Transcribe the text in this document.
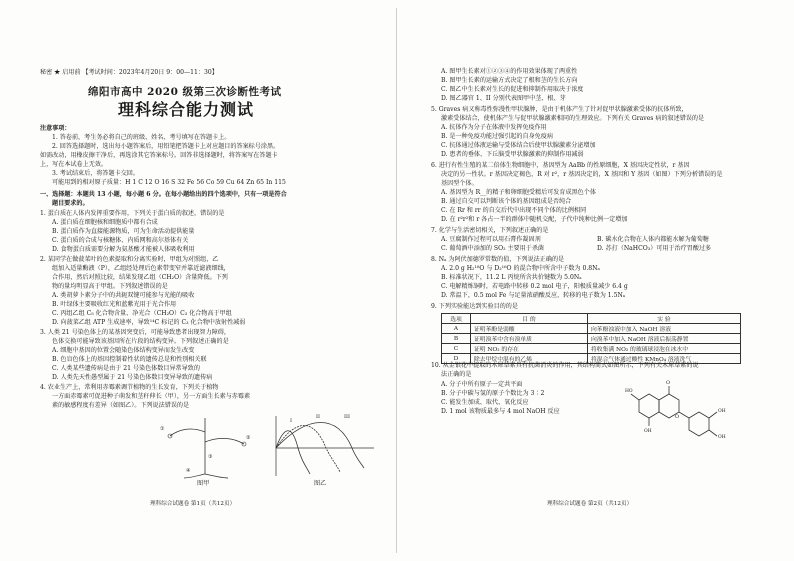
秘密 ★ 启用前 【考试时间：2023年4月20日 9：00—11：30】
绵阳市高中 2020 级第三次诊断性考试
理科综合能力测试
注意事项：
1. 答卷前，考生务必将自己的班级、姓名、考号填写在答题卡上。
2. 回答选择题时，选出每小题答案后，用铅笔把答题卡上对应题目的答案标号涂黑。
如需改动，用橡皮擦干净后，再选涂其它答案标号。回答非选择题时，将答案写在答题卡
上，写在本试卷上无效。
3. 考试结束后，将答题卡交回。
可能用到的相对原子质量：H 1 C 12 O 16 S 32 Fe 56 Co 59 Cu 64 Zn 65 In 115
一、选择题：本题共 13 小题，每小题 6 分。在每小题给出的四个选项中，只有一项是符合
题目要求的。
1. 蛋白质在人体内发挥重要作用，下列关于蛋白质的叙述，错误的是
A. 蛋白质在细胞核和细胞质中都有合成
B. 蛋白质作为直接能源物质，可为生命活动提供能量
C. 蛋白质的合成与核糖体、内质网和高尔基体有关
D. 食物蛋白质需要分解为氨基酸才能被人体吸收利用
2. 某同学在做菠菜叶的色素提取和分离实验时，甲组为对照组，乙
组加入适量酶液（P），乙组经处理后色素带变窄并靠近滤液细线，
合作用，然后对照比较，结果发现乙组（CH₂O）含量降低。下列
物的量均明显高于甲组。下列叙述错误的是
A. 类胡萝卜素分子中的共轭双键可能参与光能的吸收
B. 叶绿体主要吸收红光和蓝紫光用于光合作用
C. 丙组乙组 C₅ 化合物含量、净光合（CH₂O）C₃ 化合物高于甲组
D. 向菠菜乙组 ATP 生成速率，导致¹⁴C 标记的 C₃ 化合物中放射性减弱
3. 人类 21 号染色体上的某基因突变后，可能导致患者出现智力障碍，
色体交换可能导致该基因所在片段的结构变异。下列叙述正确的是
A. 细胞中基因的位置会随染色体结构变异而发生改变
B. 色盲色体上的基因控制着性状的遗传总是和性别相关联
C. 人类某些遗传病是由于 21 号染色体数目异常导致的
D. 人类先天性愚型属于 21 号染色体数目变异导致的遗传病
4. 农业生产上，常利用赤霉素调节植物的生长发育，下列关于植物
一方面赤霉素可促进种子萌发和茎秆伸长（甲），另一方面生长素与赤霉素
素的敏感程度有差异（如图乙）。下列说法错误的是
①
②
③
④
图甲
I
II	III
图乙
理科综合试题卷 第1页（共12页）
A. 图甲生长素对①②③④的作用效果体现了两重性
B. 图甲生长素的运输方式决定了根和茎的生长方向
C. 图乙中生长素对生长的促进和抑制作用取决于浓度
D. 图乙器官 1、II 分别代表图甲中茎、根、芽
5. Graves 病又称毒性弥漫性甲状腺肿，是由于机体产生了针对促甲状腺激素受体的抗体所致，
激素受体结合，使机体产生与促甲状腺激素相同的生理效应。下列有关 Graves 病的叙述错误的是
A. 抗体作为分子在体液中发挥免疫作用
B. 是一种免疫功能过强引起的自身免疫病
C. 抗体通过体液运输与受体结合后使甲状腺激素分泌增加
D. 患者的垂体、下丘脑受甲状腺激素的抑制作用减弱
6. 进行有性生殖的某二倍体生物细胞中，基因型为 AaBb 的性原细胞，X 基因决定性状，r 基因
决定的另一性状。r 基因决定褐色，R 对 r²，r 基因决定的，X 基因和 Y 基因（如图）下列分析错误的是
基因型个体。
A. 基因型为 R__的精子和卵细胞受精后可发育成黑色个体
B. 通过自交可以判断该个体的基因组成是否纯合
C. 在 Rr 和 rr 的自交后代中出现不同个体的比例相同
D. 在 r²r²和 r 各占一半的群体中随机交配，子代中纯种比例一定增加
7. 化学与生活密切相关，下列叙述正确的是
A. 豆腐制作过程可以用石膏作凝固剂	B. 碳水化合物在人体内都能水解为葡萄糖
C. 葡萄酒中添加的 SO₂ 主要用于杀菌	D. 苏打（NaHCO₃）可用于治疗胃酸过多
8. Nₐ 为阿伏加德罗常数的值，下列说法正确的是
A. 2.0 g H₂¹⁸O 与 D₂¹⁶O 的混合物中所含中子数为 0.8Nₐ
B. 标准状况下，11.2 L 丙烷所含共价键数为 5.0Nₐ
C. 电解精炼铜时，若电路中转移 0.2 mol 电子，阳极质量减少 6.4 g
D. 常温下，0.5 mol Fe 与足量浓硝酸反应，转移的电子数为 1.5Nₐ
9. 下列实验能达到实验目的的是
选项	目 的	实 验
A	证明苯酚是弱酸	向苯酚浊液中加入 NaOH 溶液
B	证明溴苯中含有溴单质	向溴苯中加入 NaOH 溶液后振荡静置
C	证明 NO₂ 的存在	将收集满 NO₂ 的玻璃球浸泡在冰水中
D	除去甲烷中混有的乙烯	将混合气体通过酸性 KMnO₄ 溶液洗气
10. 从金银花中提取的木犀草素具有抗菌消炎的作用，其结构简式如图所示，下列有关木犀草素的说
法正确的是
A. 分子中所有原子一定共平面
B. 分子中碳与氢的原子个数比为 3∶2
C. 能发生加成、取代、氧化反应
D. 1 mol 该物质最多与 4 mol NaOH 反应
O
O
HO
OH
OH
OH
理科综合试题卷 第2页（共12页）
